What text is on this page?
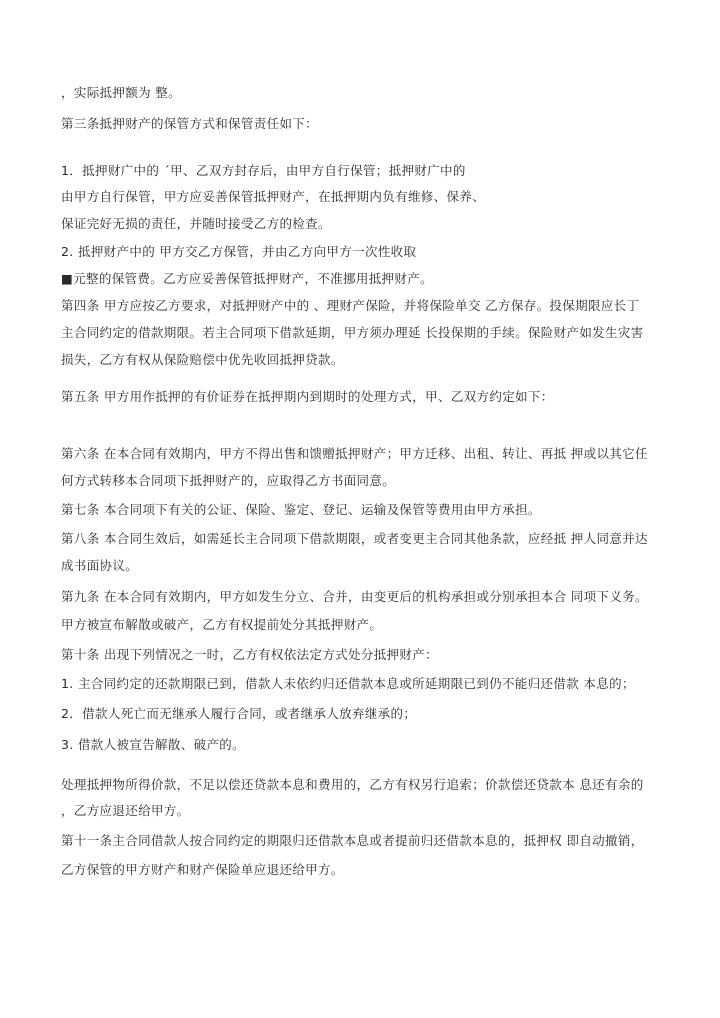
，实际抵押额为 整。
第三条抵押财产的保管方式和保管责任如下：
1．抵押财广中的 ˊ甲、乙双方封存后，由甲方自行保管；抵押财广中的
由甲方自行保管，甲方应妥善保管抵押财产，在抵押期内负有维修、保养、
保证完好无损的责任，并随时接受乙方的检查。
2. 抵押财产中的 甲方交乙方保管，并由乙方向甲方一次性收取
■元整的保管费。乙方应妥善保管抵押财产，不准挪用抵押财产。
第四条 甲方应按乙方要求，对抵押财产中的 、理财产保险，并将保险单交 乙方保存。投保期限应长丁
主合同约定的借款期限。若主合同项下借款延期，甲方须办理延 长投保期的手续。保险财产如发生灾害
损失，乙方有权从保险赔偿中优先收回抵押贷款。
第五条 甲方用作抵押的有价证券在抵押期内到期时的处理方式，甲、乙双方约定如下：
第六条 在本合同有效期内，甲方不得出售和馈赠抵押财产；甲方迁移、出租、转让、再抵 押或以其它任
何方式转移本合同项下抵押财产的，应取得乙方书面同意。
第七条 本合同项下有关的公证、保险、鉴定、登记、运输及保管等费用由甲方承担。
第八条 本合同生效后，如需延长主合同项下借款期限，或者变更主合同其他条款，应经抵 押人同意并达
成书面协议。
第九条 在本合同有效期内，甲方如发生分立、合并，由变更后的机构承担或分别承担本合 同项下义务。
甲方被宣布解散或破产，乙方有权提前处分其抵押财产。
第十条 出现下列情况之一时，乙方有权依法定方式处分抵押财产：
1. 主合同约定的还款期限已到，借款人未依约归还借款本息或所延期限已到仍不能归还借款 本息的；
2．借款人死亡而无继承人履行合同，或者继承人放弃继承的；
3. 借款人被宣告解散、破产的。
处理抵押物所得价款，不足以偿还贷款本息和费用的，乙方有权另行追索；价款偿还贷款本 息还有余的
，乙方应退还给甲方。
第十一条主合同借款人按合同约定的期限归还借款本息或者提前归还借款本息的，抵押权 即自动撤销，
乙方保管的甲方财产和财产保险单应退还给甲方。
